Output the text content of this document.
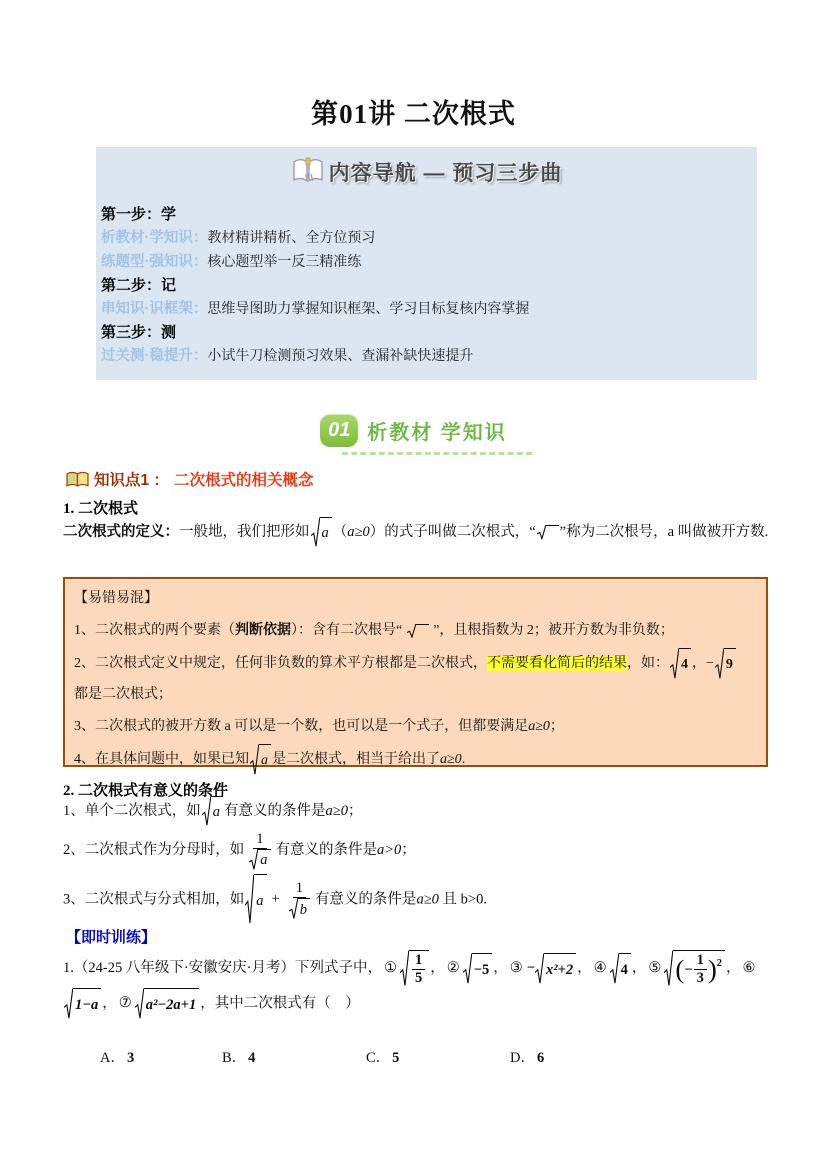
第01讲 二次根式
内容导航 — 预习三步曲
第一步：学
析教材·学知识：教材精讲精析、全方位预习
练题型·强知识：核心题型举一反三精准练
第二步：记
串知识·识框架：思维导图助力掌握知识框架、学习目标复核内容掌握
第三步：测
过关测·稳提升：小试牛刀检测预习效果、查漏补缺快速提升
01 析教材 学知识
知识点1 ： 二次根式的相关概念
1. 二次根式
二次根式的定义：一般地，我们把形如 a （a≥0）的式子叫做二次根式，“ ”称为二次根号，a 叫做被开方数.

【易错易混】

1、二次根式的两个要素（判断依据）：含有二次根号“
”，且根指数为 2；被开方数为非负数；

2、二次根式定义中规定，任何非负数的算术平方根都是二次根式，不需要看化简后的结果，如： 4 ，− 9

都是二次根式；

3、二次根式的被开方数 a 可以是一个数，也可以是一个式子，但都要满足a≥0；

4、在具体问题中，如果已知 a 是二次根式，相当于给出了a≥0.

2. 二次根式有意义的条件
1、单个二次根式，如 a 有意义的条件是a≥0；
2、二次根式作为分母时，如 $\frac{1}{a}$ 有意义的条件是a>0；
3、二次根式与分式相加，如 $a + \frac{1}{b}$ 有意义的条件是a≥0 且 b>0.
【即时训练】
1.（24-25 八年级下·安徽安庆·月考）下列式子中， ① $\frac{1}{5}$ ， ② −5 ， ③ − x²+2 ， ④ 4 ， ⑤ ( − $\frac{1}{3}$ ) 2 ， ⑥
1−a ， ⑦ a²−2a+1 ，其中二次根式有（　）
A． 3	B． 4	C． 5	D． 6
